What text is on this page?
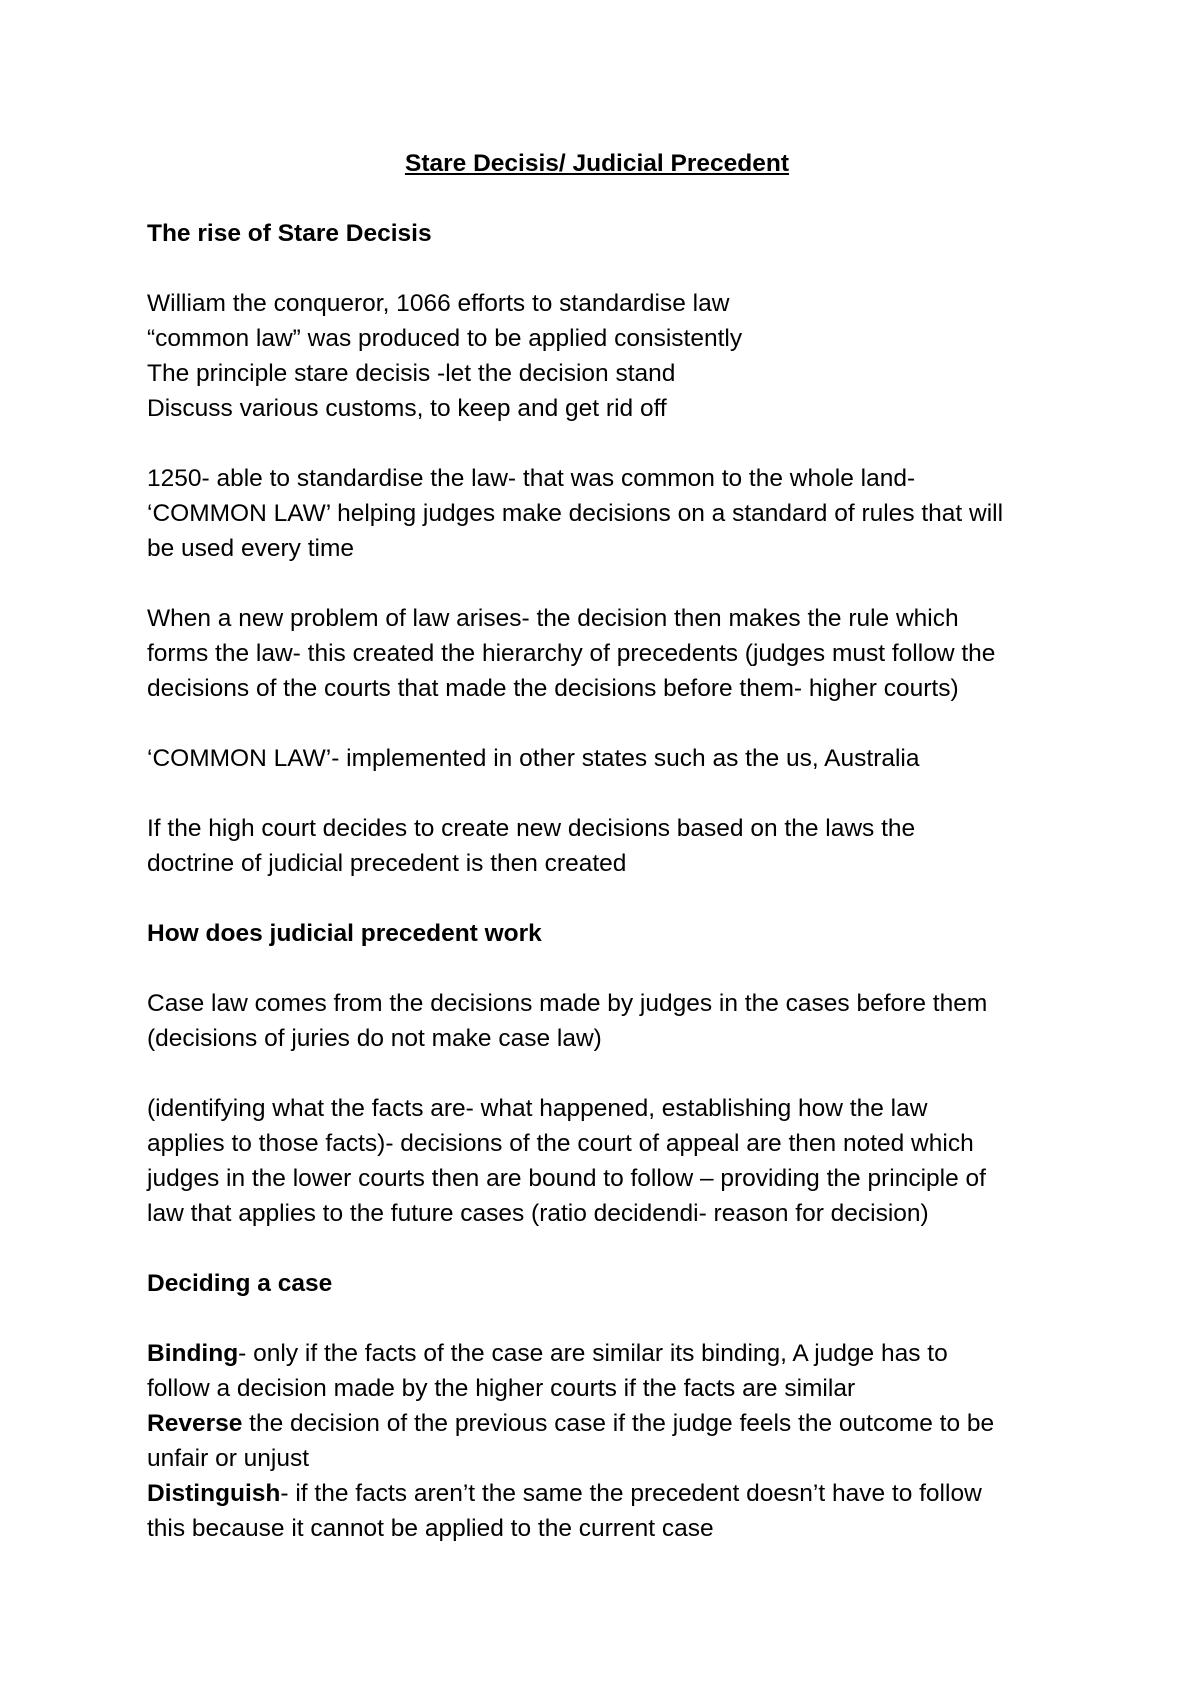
Stare Decisis/ Judicial Precedent
The rise of Stare Decisis
William the conqueror, 1066 efforts to standardise law
“common law” was produced to be applied consistently
The principle stare decisis -let the decision stand
Discuss various customs, to keep and get rid off
1250- able to standardise the law- that was common to the whole land-
‘COMMON LAW’ helping judges make decisions on a standard of rules that will
be used every time
When a new problem of law arises- the decision then makes the rule which
forms the law- this created the hierarchy of precedents (judges must follow the
decisions of the courts that made the decisions before them- higher courts)
‘COMMON LAW’- implemented in other states such as the us, Australia
If the high court decides to create new decisions based on the laws the
doctrine of judicial precedent is then created
How does judicial precedent work
Case law comes from the decisions made by judges in the cases before them
(decisions of juries do not make case law)
(identifying what the facts are- what happened, establishing how the law
applies to those facts)- decisions of the court of appeal are then noted which
judges in the lower courts then are bound to follow – providing the principle of
law that applies to the future cases (ratio decidendi- reason for decision)
Deciding a case
Binding- only if the facts of the case are similar its binding, A judge has to
follow a decision made by the higher courts if the facts are similar
Reverse the decision of the previous case if the judge feels the outcome to be
unfair or unjust
Distinguish- if the facts aren’t the same the precedent doesn’t have to follow
this because it cannot be applied to the current case
